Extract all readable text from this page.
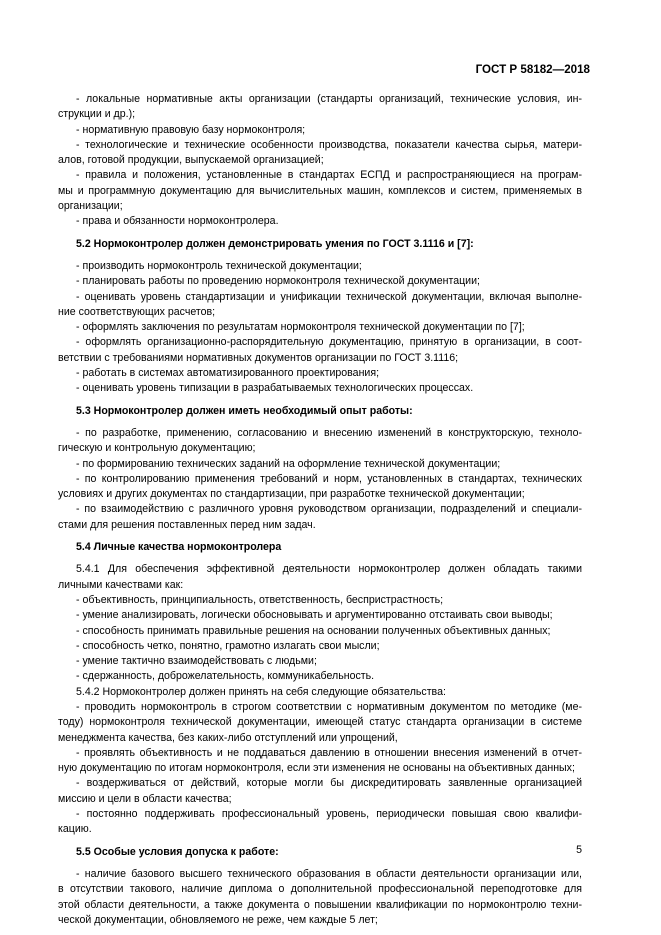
ГОСТ Р 58182—2018
- локальные нормативные акты организации (стандарты организаций, технические условия, ин-
струкции и др.);
- нормативную правовую базу нормоконтроля;
- технологические и технические особенности производства, показатели качества сырья, матери-
алов, готовой продукции, выпускаемой организацией;
- правила и положения, установленные в стандартах ЕСПД и распространяющиеся на програм-
мы и программную документацию для вычислительных машин, комплексов и систем, применяемых в
организации;
- права и обязанности нормоконтролера.
5.2 Нормоконтролер должен демонстрировать умения по ГОСТ 3.1116 и [7]:
- производить нормоконтроль технической документации;
- планировать работы по проведению нормоконтроля технической документации;
- оценивать уровень стандартизации и унификации технической документации, включая выполне-
ние соответствующих расчетов;
- оформлять заключения по результатам нормоконтроля технической документации по [7];
- оформлять организационно-распорядительную документацию, принятую в организации, в соот-
ветствии с требованиями нормативных документов организации по ГОСТ 3.1116;
- работать в системах автоматизированного проектирования;
- оценивать уровень типизации в разрабатываемых технологических процессах.
5.3 Нормоконтролер должен иметь необходимый опыт работы:
- по разработке, применению, согласованию и внесению изменений в конструкторскую, техноло-
гическую и контрольную документацию;
- по формированию технических заданий на оформление технической документации;
- по контролированию применения требований и норм, установленных в стандартах, технических
условиях и других документах по стандартизации, при разработке технической документации;
- по взаимодействию с различного уровня руководством организации, подразделений и специали-
стами для решения поставленных перед ним задач.
5.4 Личные качества нормоконтролера
5.4.1 Для обеспечения эффективной деятельности нормоконтролер должен обладать такими
личными качествами как:
- объективность, принципиальность, ответственность, беспристрастность;
- умение анализировать, логически обосновывать и аргументированно отстаивать свои выводы;
- способность принимать правильные решения на основании полученных объективных данных;
- способность четко, понятно, грамотно излагать свои мысли;
- умение тактично взаимодействовать с людьми;
- сдержанность, доброжелательность, коммуникабельность.
5.4.2 Нормоконтролер должен принять на себя следующие обязательства:
- проводить нормоконтроль в строгом соответствии с нормативным документом по методике (ме-
тоду) нормоконтроля технической документации, имеющей статус стандарта организации в системе
менеджмента качества, без каких-либо отступлений или упрощений,
- проявлять объективность и не поддаваться давлению в отношении внесения изменений в отчет-
ную документацию по итогам нормоконтроля, если эти изменения не основаны на объективных данных;
- воздерживаться от действий, которые могли бы дискредитировать заявленные организацией
миссию и цели в области качества;
- постоянно поддерживать профессиональный уровень, периодически повышая свою квалифи-
кацию.
5.5 Особые условия допуска к работе:
- наличие базового высшего технического образования в области деятельности организации или,
в отсутствии такового, наличие диплома о дополнительной профессиональной переподготовке для
этой области деятельности, а также документа о повышении квалификации по нормоконтролю техни-
ческой документации, обновляемого не реже, чем каждые 5 лет;
5
